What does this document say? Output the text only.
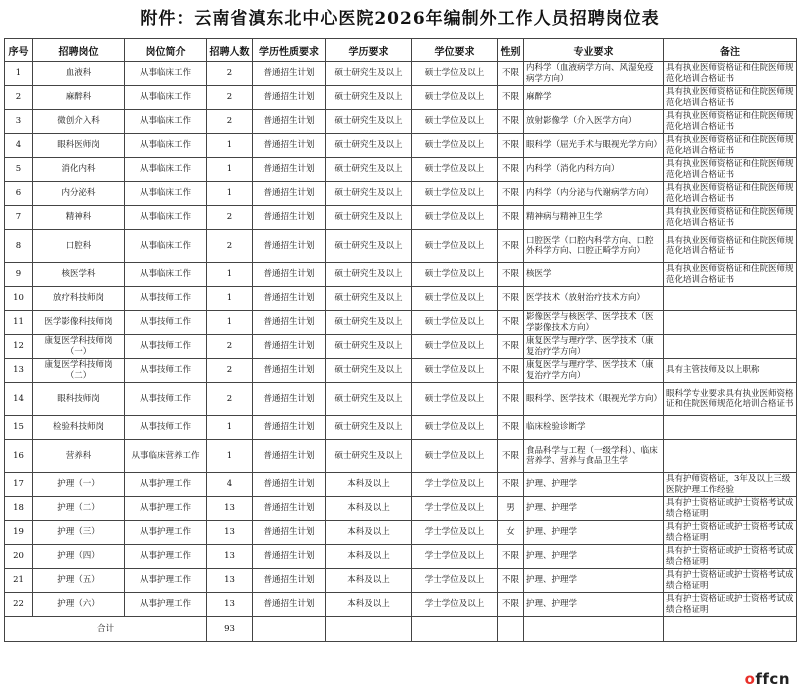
附件：云南省滇东北中心医院2026年编制外工作人员招聘岗位表
序号	招聘岗位	岗位简介	招聘人数	学历性质要求	学历要求	学位要求	性别	专业要求	备注
1	血液科	从事临床工作	2	普通招生计划	硕士研究生及以上	硕士学位及以上	不限	内科学（血液病学方向、风湿免疫病学方向）	具有执业医师资格证和住院医师规范化培训合格证书
2	麻醉科	从事临床工作	2	普通招生计划	硕士研究生及以上	硕士学位及以上	不限	麻醉学	具有执业医师资格证和住院医师规范化培训合格证书
3	微创介入科	从事临床工作	2	普通招生计划	硕士研究生及以上	硕士学位及以上	不限	放射影像学（介入医学方向）	具有执业医师资格证和住院医师规范化培训合格证书
4	眼科医师岗	从事临床工作	1	普通招生计划	硕士研究生及以上	硕士学位及以上	不限	眼科学（屈光手术与眼视光学方向）	具有执业医师资格证和住院医师规范化培训合格证书
5	消化内科	从事临床工作	1	普通招生计划	硕士研究生及以上	硕士学位及以上	不限	内科学（消化内科方向）	具有执业医师资格证和住院医师规范化培训合格证书
6	内分泌科	从事临床工作	1	普通招生计划	硕士研究生及以上	硕士学位及以上	不限	内科学（内分泌与代谢病学方向）	具有执业医师资格证和住院医师规范化培训合格证书
7	精神科	从事临床工作	2	普通招生计划	硕士研究生及以上	硕士学位及以上	不限	精神病与精神卫生学	具有执业医师资格证和住院医师规范化培训合格证书
8	口腔科	从事临床工作	2	普通招生计划	硕士研究生及以上	硕士学位及以上	不限	口腔医学（口腔内科学方向、口腔外科学方向、口腔正畸学方向）	具有执业医师资格证和住院医师规范化培训合格证书
9	核医学科	从事临床工作	1	普通招生计划	硕士研究生及以上	硕士学位及以上	不限	核医学	具有执业医师资格证和住院医师规范化培训合格证书
10	放疗科技师岗	从事技师工作	1	普通招生计划	硕士研究生及以上	硕士学位及以上	不限	医学技术（放射治疗技术方向）	
11	医学影像科技师岗	从事技师工作	1	普通招生计划	硕士研究生及以上	硕士学位及以上	不限	影像医学与核医学、医学技术（医学影像技术方向）	
12	康复医学科技师岗（一）	从事技师工作	2	普通招生计划	硕士研究生及以上	硕士学位及以上	不限	康复医学与理疗学、医学技术（康复治疗学方向）	
13	康复医学科技师岗（二）	从事技师工作	2	普通招生计划	硕士研究生及以上	硕士学位及以上	不限	康复医学与理疗学、医学技术（康复治疗学方向）	具有主管技师及以上职称
14	眼科技师岗	从事技师工作	2	普通招生计划	硕士研究生及以上	硕士学位及以上	不限	眼科学、医学技术（眼视光学方向）	眼科学专业要求具有执业医师资格证和住院医师规范化培训合格证书
15	检验科技师岗	从事技师工作	1	普通招生计划	硕士研究生及以上	硕士学位及以上	不限	临床检验诊断学	
16	营养科	从事临床营养工作	1	普通招生计划	硕士研究生及以上	硕士学位及以上	不限	食品科学与工程（一级学科）、临床营养学、营养与食品卫生学	
17	护理（一）	从事护理工作	4	普通招生计划	本科及以上	学士学位及以上	不限	护理、护理学	具有护师资格证，3年及以上三级医院护理工作经验
18	护理（二）	从事护理工作	13	普通招生计划	本科及以上	学士学位及以上	男	护理、护理学	具有护士资格证或护士资格考试成绩合格证明
19	护理（三）	从事护理工作	13	普通招生计划	本科及以上	学士学位及以上	女	护理、护理学	具有护士资格证或护士资格考试成绩合格证明
20	护理（四）	从事护理工作	13	普通招生计划	本科及以上	学士学位及以上	不限	护理、护理学	具有护士资格证或护士资格考试成绩合格证明
21	护理（五）	从事护理工作	13	普通招生计划	本科及以上	学士学位及以上	不限	护理、护理学	具有护士资格证或护士资格考试成绩合格证明
22	护理（六）	从事护理工作	13	普通招生计划	本科及以上	学士学位及以上	不限	护理、护理学	具有护士资格证或护士资格考试成绩合格证明
合计			93						
offcn
